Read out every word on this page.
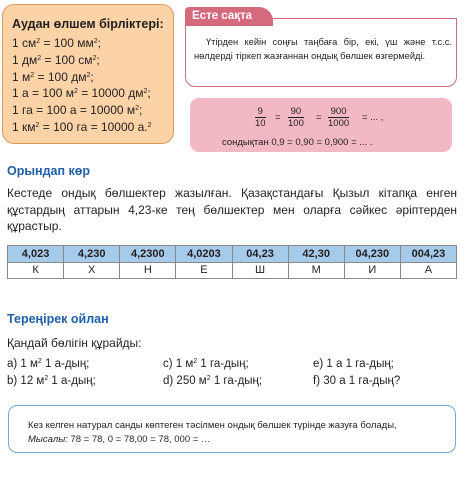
Аудан өлшем бірліктері:
1 $см^2 = 100$ $мм^2$;
1 $дм^2 = 100$ $см^2$;
1 $м^2 = 100$ $дм^2$;
1 а = 100 $м^2 = 10000$ $дм^2$;
1 га = 100 а = 10000 $м^2$;
1 $км^2 = 100$ га = 10000 а.$^2$
Есте сақта
Үтірден кейін соңғы таңбаға бір, екі, үш және т.с.с. нөлдерді тіркеп жазғаннан ондық бөлшек өзгермейді.
$\frac{9}{10} = \frac{90}{100} = \frac{900}{1000}$ = ... ,
сондықтан 0,9 = 0,90 = 0,900 = ... .
Орындап көр
Кестеде ондық бөлшектер жазылған. Қазақстандағы Қызыл кітапқа енген құстардың аттарын 4,23-ке тең бөлшектер мен оларға сәйкес әріптерден құрастыр.
4,023	4,230	4,2300	4,0203	04,23	42,30	04,230	004,23
К	Х	Н	Е	Ш	М	И	А
Тереңірек ойлан
Қандай бөлігін құрайды:
a) 1 $м^2$ 1 а-дың;	c) 1 $м^2$ 1 га-дың;	e) 1 а 1 га-дың;
b) 12 $м^2$ 1 а-дың;	d) 250 $м^2$ 1 га-дың;	f) 30 а 1 га-дың?
Кез келген натурал санды көптеген тәсілмен ондық бөлшек түрінде жазуға болады,
Мысалы: 78 = 78, 0 = 78,00 = 78, 000 = …
